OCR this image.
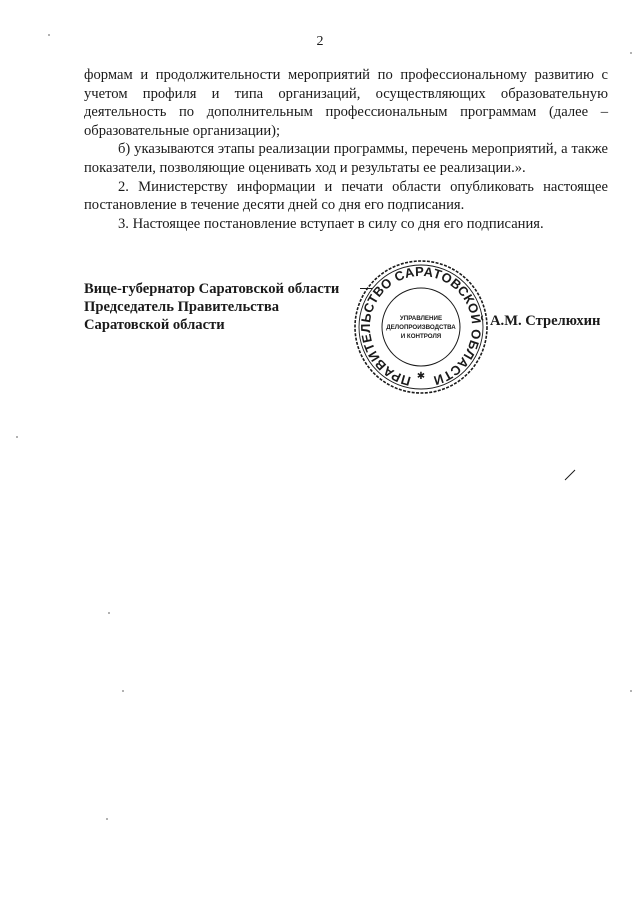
2

формам и продолжительности мероприятий по профессиональному развитию с учетом профиля и типа организаций, осуществляющих образовательную деятельность по дополнительным профессиональным программам (далее – образовательные организации);

б) указываются этапы реализации программы, перечень мероприятий, а также показатели, позволяющие оценивать ход и результаты ее реализации.».

2. Министерству информации и печати области опубликовать настоящее постановление в течение десяти дней со дня его подписания.

3. Настоящее постановление вступает в силу со дня его подписания.

Вице-губернатор Саратовской области
Председатель Правительства
Саратовской области
ПРАВИТЕЛЬСТВО САРАТОВСКОЙ ОБЛАСТИ
УПРАВЛЕНИЕ
ДЕЛОПРОИЗВОДСТВА
И КОНТРОЛЯ
✱
А.М. Стрелюхин
